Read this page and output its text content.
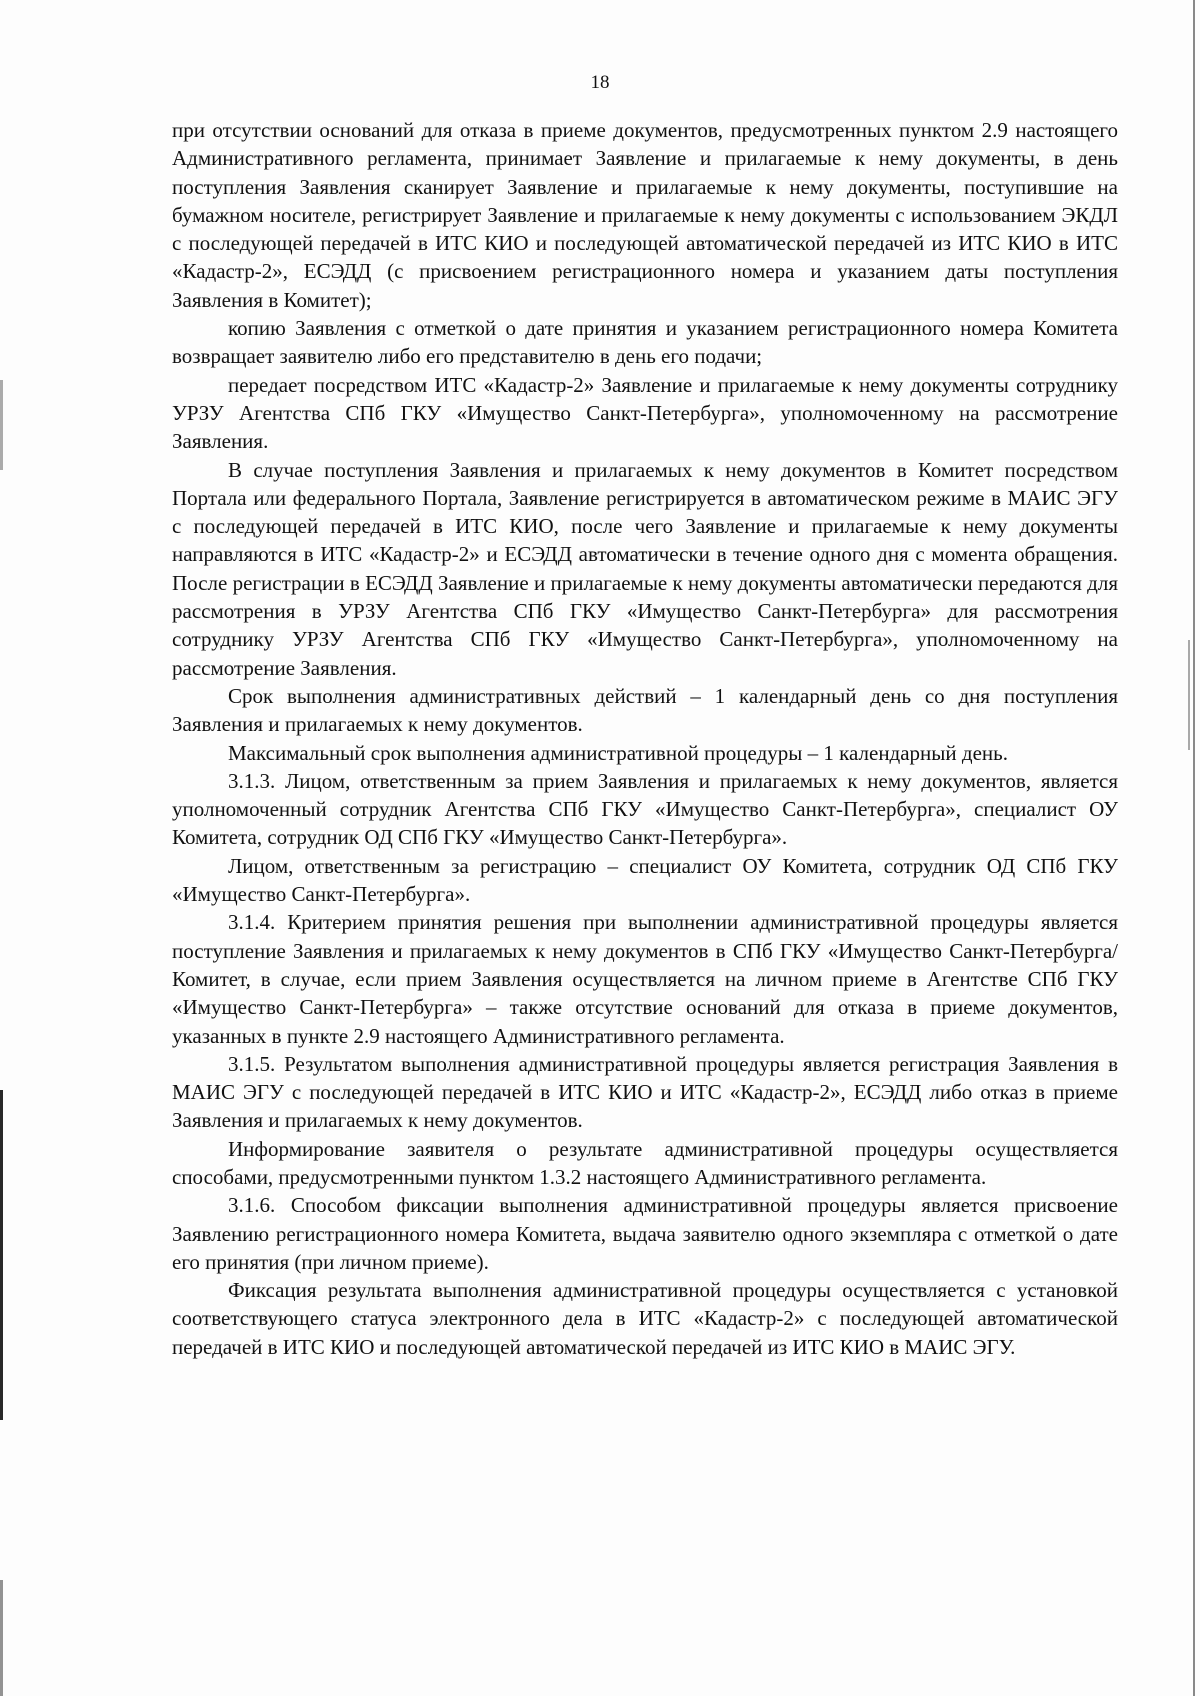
18

при отсутствии оснований для отказа в приеме документов, предусмотренных пунктом 2.9 настоящего Административного регламента, принимает Заявление и прилагаемые к нему документы, в день поступления Заявления сканирует Заявление и прилагаемые к нему документы, поступившие на бумажном носителе, регистрирует Заявление и прилагаемые к нему документы с использованием ЭКДЛ с последующей передачей в ИТС КИО и последующей автоматической передачей из ИТС КИО в ИТС «Кадастр-2», ЕСЭДД (с присвоением регистрационного номера и указанием даты поступления Заявления в Комитет);

копию Заявления с отметкой о дате принятия и указанием регистрационного номера Комитета возвращает заявителю либо его представителю в день его подачи;

передает посредством ИТС «Кадастр-2» Заявление и прилагаемые к нему документы сотруднику УРЗУ Агентства СПб ГКУ «Имущество Санкт-Петербурга», уполномоченному на рассмотрение Заявления.

В случае поступления Заявления и прилагаемых к нему документов в Комитет посредством Портала или федерального Портала, Заявление регистрируется в автоматическом режиме в МАИС ЭГУ с последующей передачей в ИТС КИО, после чего Заявление и прилагаемые к нему документы направляются в ИТС «Кадастр-2» и ЕСЭДД автоматически в течение одного дня с момента обращения. После регистрации в ЕСЭДД Заявление и прилагаемые к нему документы автоматически передаются для рассмотрения в УРЗУ Агентства СПб ГКУ «Имущество Санкт-Петербурга» для рассмотрения сотруднику УРЗУ Агентства СПб ГКУ «Имущество Санкт-Петербурга», уполномоченному на рассмотрение Заявления.

Срок выполнения административных действий – 1 календарный день со дня поступления Заявления и прилагаемых к нему документов.

Максимальный срок выполнения административной процедуры – 1 календарный день.

3.1.3. Лицом, ответственным за прием Заявления и прилагаемых к нему документов, является уполномоченный сотрудник Агентства СПб ГКУ «Имущество Санкт-Петербурга», специалист ОУ Комитета, сотрудник ОД СПб ГКУ «Имущество Санкт-Петербурга».

Лицом, ответственным за регистрацию – специалист ОУ Комитета, сотрудник ОД СПб ГКУ «Имущество Санкт-Петербурга».

3.1.4. Критерием принятия решения при выполнении административной процедуры является поступление Заявления и прилагаемых к нему документов в СПб ГКУ «Имущество Санкт-Петербурга/Комитет, в случае, если прием Заявления осуществляется на личном приеме в Агентстве СПб ГКУ «Имущество Санкт-Петербурга» – также отсутствие оснований для отказа в приеме документов, указанных в пункте 2.9 настоящего Административного регламента.

3.1.5. Результатом выполнения административной процедуры является регистрация Заявления в МАИС ЭГУ с последующей передачей в ИТС КИО и ИТС «Кадастр-2», ЕСЭДД либо отказ в приеме Заявления и прилагаемых к нему документов.

Информирование заявителя о результате административной процедуры осуществляется способами, предусмотренными пунктом 1.3.2 настоящего Административного регламента.

3.1.6. Способом фиксации выполнения административной процедуры является присвоение Заявлению регистрационного номера Комитета, выдача заявителю одного экземпляра с отметкой о дате его принятия (при личном приеме).

Фиксация результата выполнения административной процедуры осуществляется с установкой соответствующего статуса электронного дела в ИТС «Кадастр-2» с последующей автоматической передачей в ИТС КИО и последующей автоматической передачей из ИТС КИО в МАИС ЭГУ.
